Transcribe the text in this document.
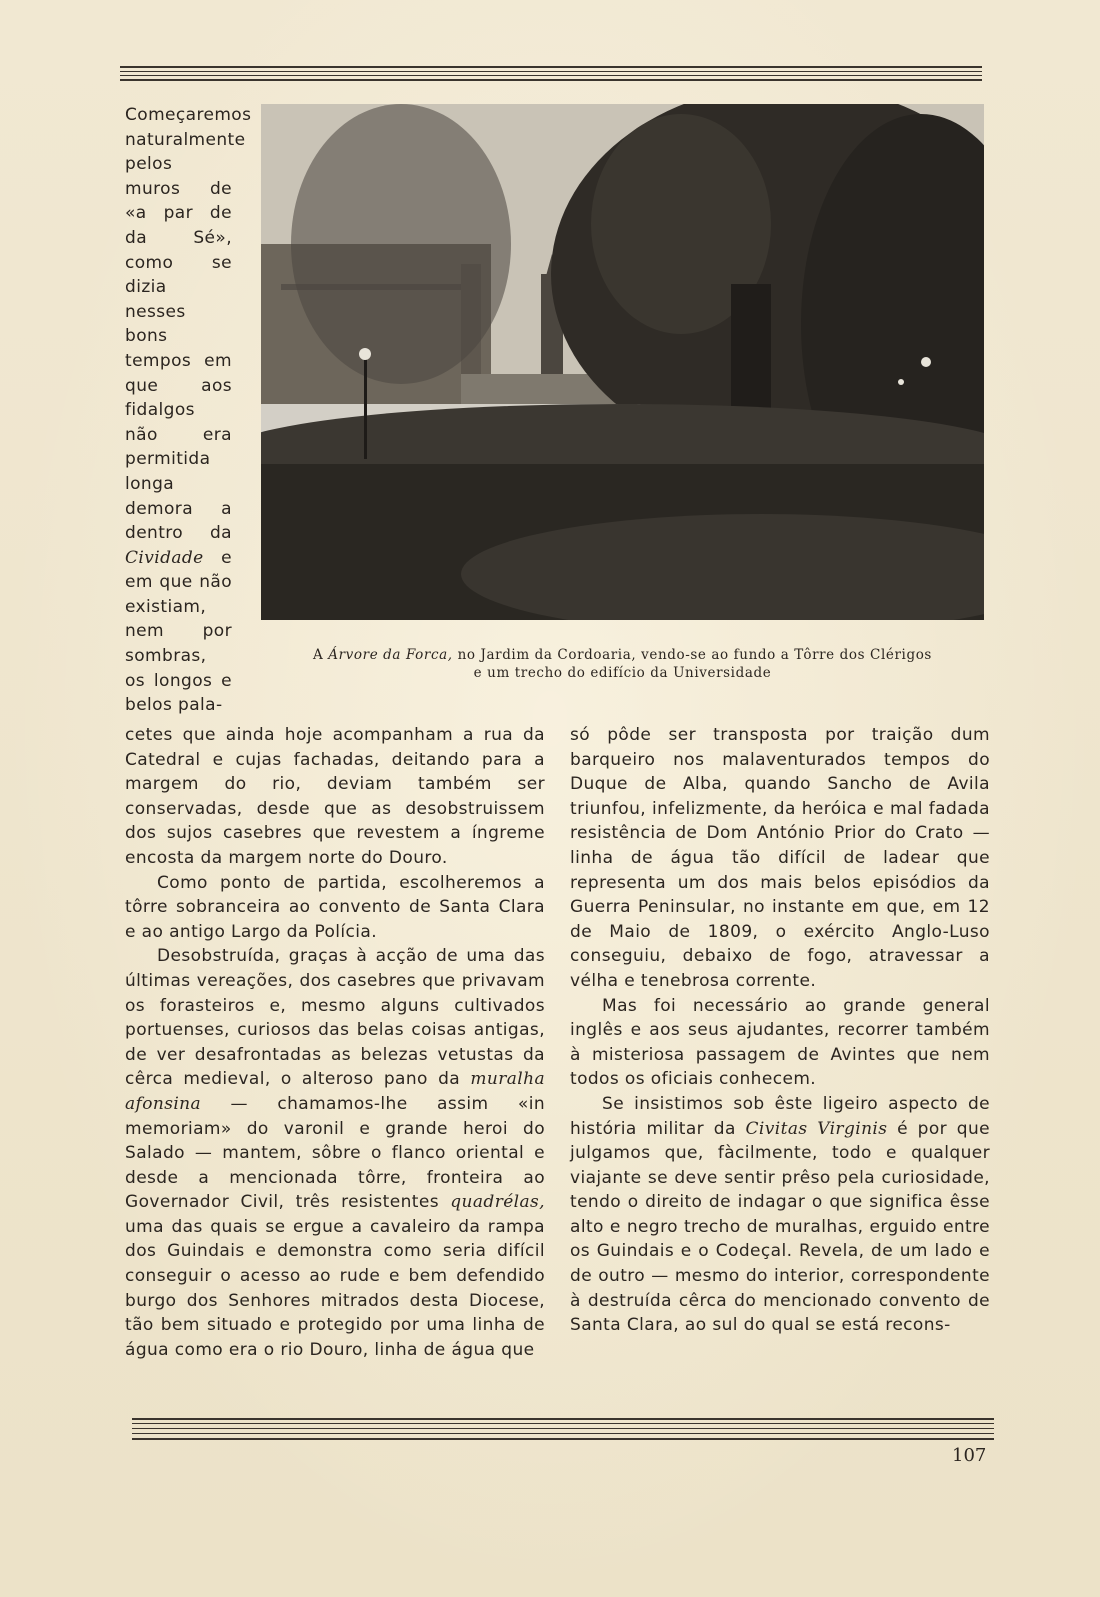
Começaremos naturalmente pelos muros de «a par de da Sé», como se dizia nesses bons tempos em que aos fidalgos não era permitida longa demora a dentro da Cividade e em que não existiam, nem por sombras, os longos e belos pala-

A Árvore da Forca, no Jardim da Cordoaria, vendo-se ao fundo a Tôrre dos Clérigos
e um trecho do edifício da Universidade

cetes que ainda hoje acompanham a rua da Catedral e cujas fachadas, deitando para a margem do rio, deviam também ser conservadas, desde que as desobstruissem dos sujos casebres que revestem a íngreme encosta da margem norte do Douro.

Como ponto de partida, escolheremos a tôrre sobranceira ao convento de Santa Clara e ao antigo Largo da Polícia.

Desobstruída, graças à acção de uma das últimas vereações, dos casebres que privavam os forasteiros e, mesmo alguns cultivados portuenses, curiosos das belas coisas antigas, de ver desafrontadas as belezas vetustas da cêrca medieval, o alteroso pano da muralha afonsina — chamamos-lhe assim «in memoriam» do varonil e grande heroi do Salado — mantem, sôbre o flanco oriental e desde a mencionada tôrre, fronteira ao Governador Civil, três resistentes quadrélas, uma das quais se ergue a cavaleiro da rampa dos Guindais e demonstra como seria difícil conseguir o acesso ao rude e bem defendido burgo dos Senhores mitrados desta Diocese, tão bem situado e protegido por uma linha de água como era o rio Douro, linha de água que

só pôde ser transposta por traição dum barqueiro nos malaventurados tempos do Duque de Alba, quando Sancho de Avila triunfou, infelizmente, da heróica e mal fadada resistência de Dom António Prior do Crato — linha de água tão difícil de ladear que representa um dos mais belos episódios da Guerra Peninsular, no instante em que, em 12 de Maio de 1809, o exército Anglo-Luso conseguiu, debaixo de fogo, atravessar a vélha e tenebrosa corrente.

Mas foi necessário ao grande general inglês e aos seus ajudantes, recorrer também à misteriosa passagem de Avintes que nem todos os oficiais conhecem.

Se insistimos sob êste ligeiro aspecto de história militar da Civitas Virginis é por que julgamos que, fàcilmente, todo e qualquer viajante se deve sentir prêso pela curiosidade, tendo o direito de indagar o que significa êsse alto e negro trecho de muralhas, erguido entre os Guindais e o Codeçal. Revela, de um lado e de outro — mesmo do interior, correspondente à destruída cêrca do mencionado convento de Santa Clara, ao sul do qual se está recons-

107
